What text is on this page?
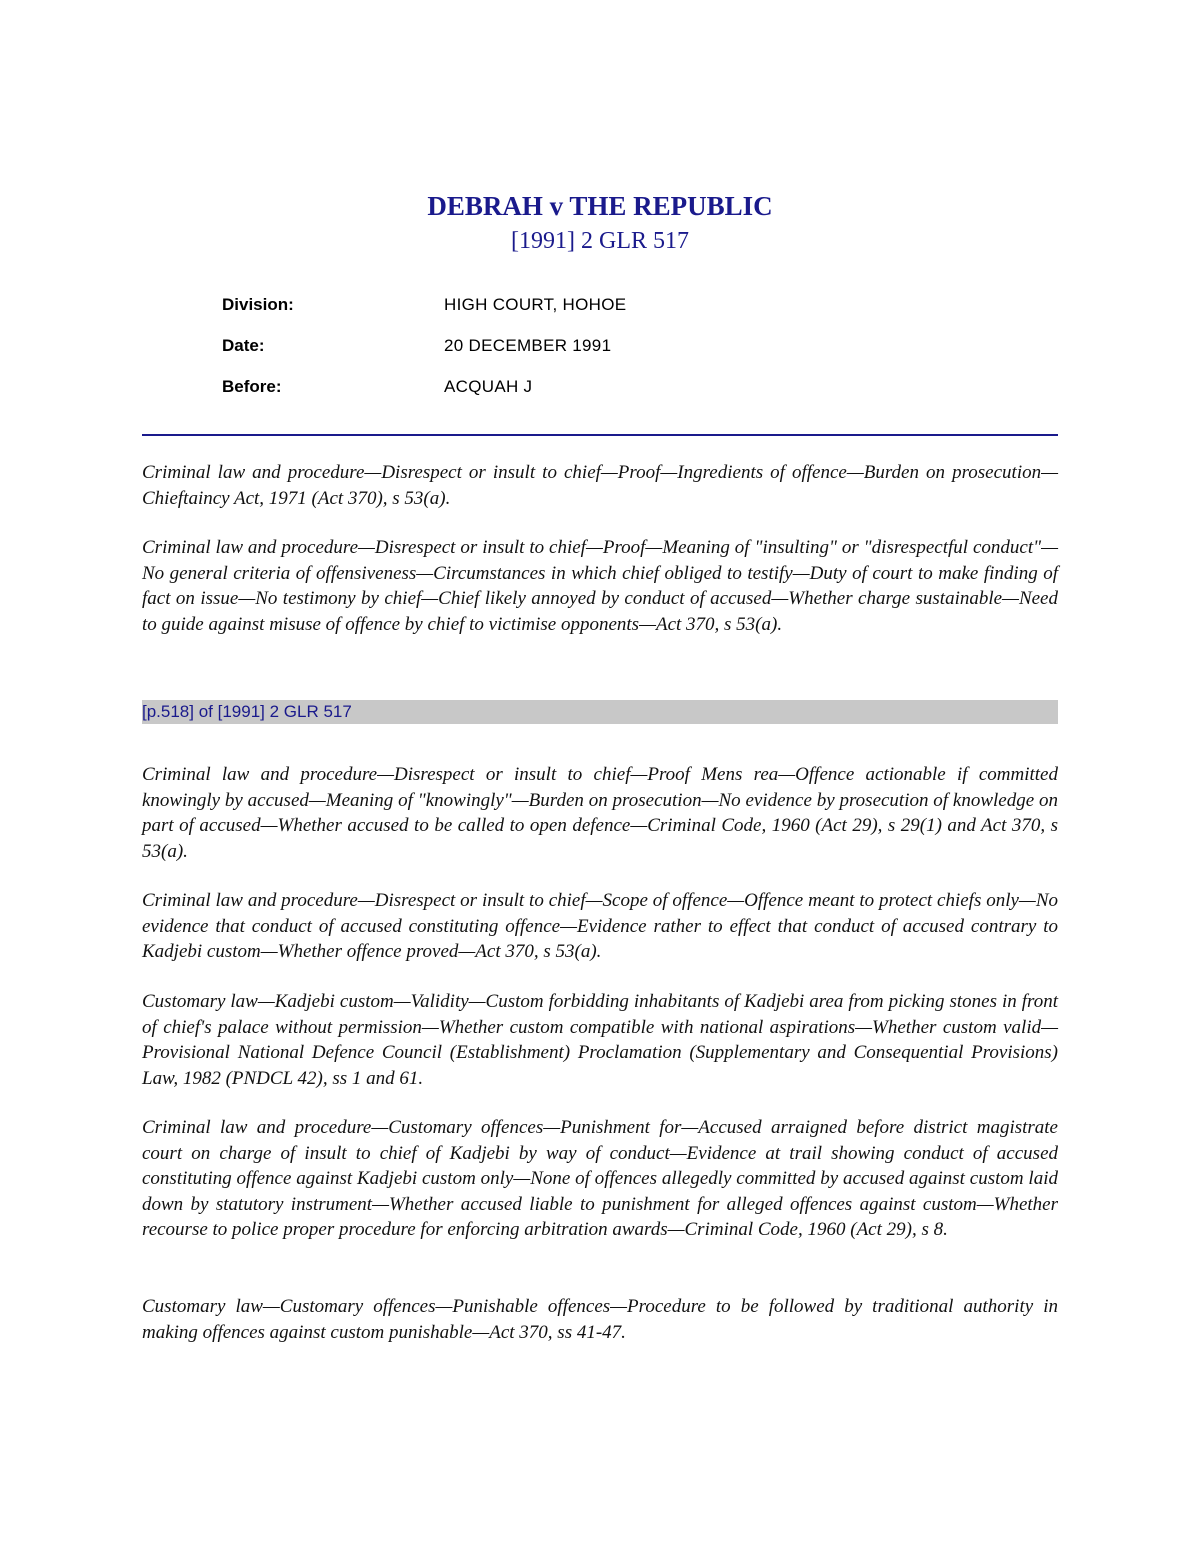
DEBRAH v THE REPUBLIC
[1991] 2 GLR 517
Division:	HIGH COURT, HOHOE
Date:	20 DECEMBER 1991
Before:	ACQUAH J

Criminal law and procedure—Disrespect or insult to chief—Proof—Ingredients of offence—Burden on prosecution—Chieftaincy Act, 1971 (Act 370), s 53(a).

Criminal law and procedure—Disrespect or insult to chief—Proof—Meaning of "insulting" or "disrespectful conduct"—No general criteria of offensiveness—Circumstances in which chief obliged to testify—Duty of court to make finding of fact on issue—No testimony by chief—Chief likely annoyed by conduct of accused—Whether charge sustainable—Need to guide against misuse of offence by chief to victimise opponents—Act 370, s 53(a).

[p.518] of [1991] 2 GLR 517

Criminal law and procedure—Disrespect or insult to chief—Proof Mens rea—Offence actionable if committed knowingly by accused—Meaning of "knowingly"—Burden on prosecution—No evidence by prosecution of knowledge on part of accused—Whether accused to be called to open defence—Criminal Code, 1960 (Act 29), s 29(1) and Act 370, s 53(a).

Criminal law and procedure—Disrespect or insult to chief—Scope of offence—Offence meant to protect chiefs only—No evidence that conduct of accused constituting offence—Evidence rather to effect that conduct of accused contrary to Kadjebi custom—Whether offence proved—Act 370, s 53(a).

Customary law—Kadjebi custom—Validity—Custom forbidding inhabitants of Kadjebi area from picking stones in front of chief's palace without permission—Whether custom compatible with national aspirations—Whether custom valid—Provisional National Defence Council (Establishment) Proclamation (Supplementary and Consequential Provisions) Law, 1982 (PNDCL 42), ss 1 and 61.

Criminal law and procedure—Customary offences—Punishment for—Accused arraigned before district magistrate court on charge of insult to chief of Kadjebi by way of conduct—Evidence at trail showing conduct of accused constituting offence against Kadjebi custom only—None of offences allegedly committed by accused against custom laid down by statutory instrument—Whether accused liable to punishment for alleged offences against custom—Whether recourse to police proper procedure for enforcing arbitration awards—Criminal Code, 1960 (Act 29), s 8.

Customary law—Customary offences—Punishable offences—Procedure to be followed by traditional authority in making offences against custom punishable—Act 370, ss 41-47.
